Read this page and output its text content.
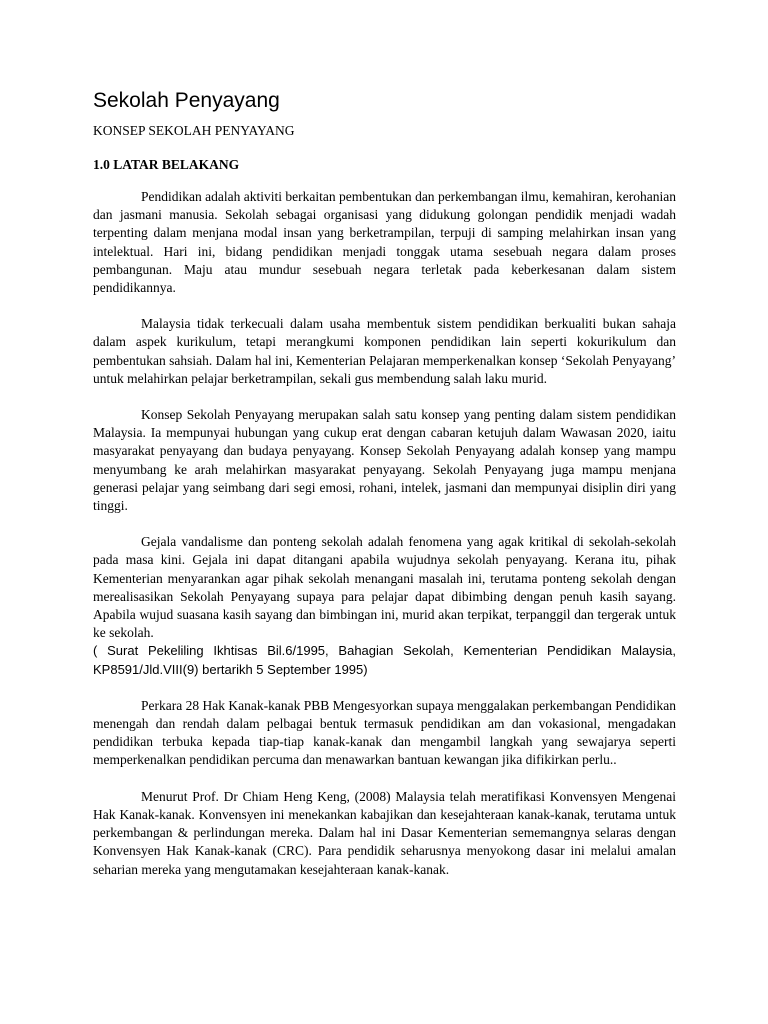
Sekolah Penyayang
KONSEP SEKOLAH PENYAYANG
1.0 LATAR BELAKANG

Pendidikan adalah aktiviti berkaitan pembentukan dan perkembangan ilmu, kemahiran, kerohanian dan jasmani manusia. Sekolah sebagai organisasi yang didukung golongan pendidik menjadi wadah terpenting dalam menjana modal insan yang berketrampilan, terpuji di samping melahirkan insan yang intelektual. Hari ini, bidang pendidikan menjadi tonggak utama sesebuah negara dalam proses pembangunan. Maju atau mundur sesebuah negara terletak pada keberkesanan dalam sistem pendidikannya.

Malaysia tidak terkecuali dalam usaha membentuk sistem pendidikan berkualiti bukan sahaja dalam aspek kurikulum, tetapi merangkumi komponen pendidikan lain seperti kokurikulum dan pembentukan sahsiah. Dalam hal ini, Kementerian Pelajaran memperkenalkan konsep ‘Sekolah Penyayang’ untuk melahirkan pelajar berketrampilan, sekali gus membendung salah laku murid.

Konsep Sekolah Penyayang merupakan salah satu konsep yang penting dalam sistem pendidikan Malaysia. Ia mempunyai hubungan yang cukup erat dengan cabaran ketujuh dalam Wawasan 2020, iaitu masyarakat penyayang dan budaya penyayang. Konsep Sekolah Penyayang adalah konsep yang mampu menyumbang ke arah melahirkan masyarakat penyayang. Sekolah Penyayang juga mampu menjana generasi pelajar yang seimbang dari segi emosi, rohani, intelek, jasmani dan mempunyai disiplin diri yang tinggi.

Gejala vandalisme dan ponteng sekolah adalah fenomena yang agak kritikal di sekolah-sekolah pada masa kini. Gejala ini dapat ditangani apabila wujudnya sekolah penyayang. Kerana itu, pihak Kementerian menyarankan agar pihak sekolah menangani masalah ini, terutama ponteng sekolah dengan merealisasikan Sekolah Penyayang supaya para pelajar dapat dibimbing dengan penuh kasih sayang. Apabila wujud suasana kasih sayang dan bimbingan ini, murid akan terpikat, terpanggil dan tergerak untuk ke sekolah.
( Surat Pekeliling Ikhtisas Bil.6/1995, Bahagian Sekolah, Kementerian Pendidikan Malaysia, KP8591/Jld.VIII(9) bertarikh 5 September 1995)

Perkara 28 Hak Kanak-kanak PBB Mengesyorkan supaya menggalakan perkembangan Pendidikan menengah dan rendah dalam pelbagai bentuk termasuk pendidikan am dan vokasional, mengadakan pendidikan terbuka kepada tiap-tiap kanak-kanak dan mengambil langkah yang sewajarya seperti memperkenalkan pendidikan percuma dan menawarkan bantuan kewangan jika difikirkan perlu..

Menurut Prof. Dr Chiam Heng Keng, (2008) Malaysia telah meratifikasi Konvensyen Mengenai Hak Kanak-kanak. Konvensyen ini menekankan kabajikan dan kesejahteraan kanak-kanak, terutama untuk perkembangan & perlindungan mereka. Dalam hal ini Dasar Kementerian sememangnya selaras dengan Konvensyen Hak Kanak-kanak (CRC). Para pendidik seharusnya menyokong dasar ini melalui amalan seharian mereka yang mengutamakan kesejahteraan kanak-kanak.
